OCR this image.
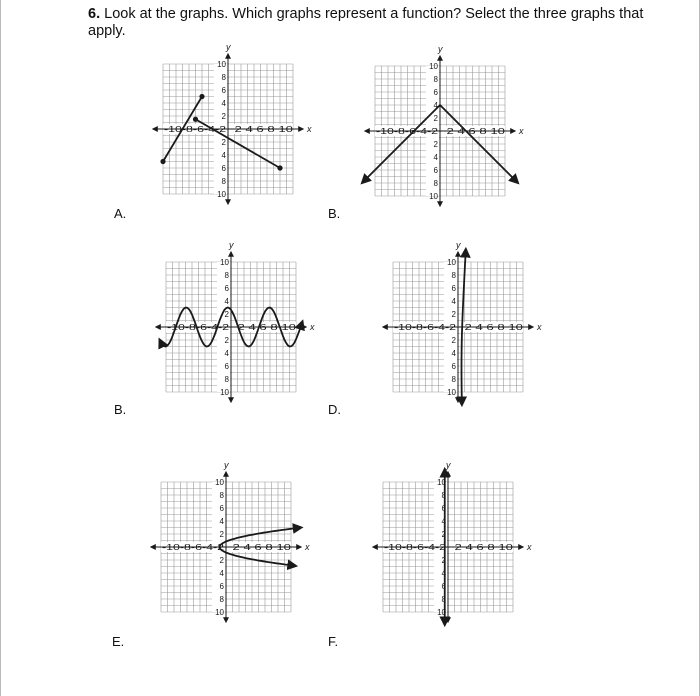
6. Look at the graphs. Which graphs represent a function? Select the three graphs that apply.
x
y
-10-8-6-4-2 2 4 6 8 10
10
8
6
4
2
2
4
6
8
10
A.
x
y
-10-8-6-4-2 2 4 6 8 10
10
8
6
4
2
2
4
6
8
10
B.
x
y
-10-8-6-4-2 2 4 6 8 10
10
8
6
4
2
2
4
6
8
10
B.
x
y
-10-8-6-4-2 2 4 6 8 10
10
8
6
4
2
2
4
6
8
10
D.
x
y
-10-8-6-4-2 2 4 6 8 10
10
8
6
4
2
2
4
6
8
10
E.
x
y
-10-8-6-4-2 2 4 6 8 10
10
8
6
4
2
2
4
6
8
10
F.
